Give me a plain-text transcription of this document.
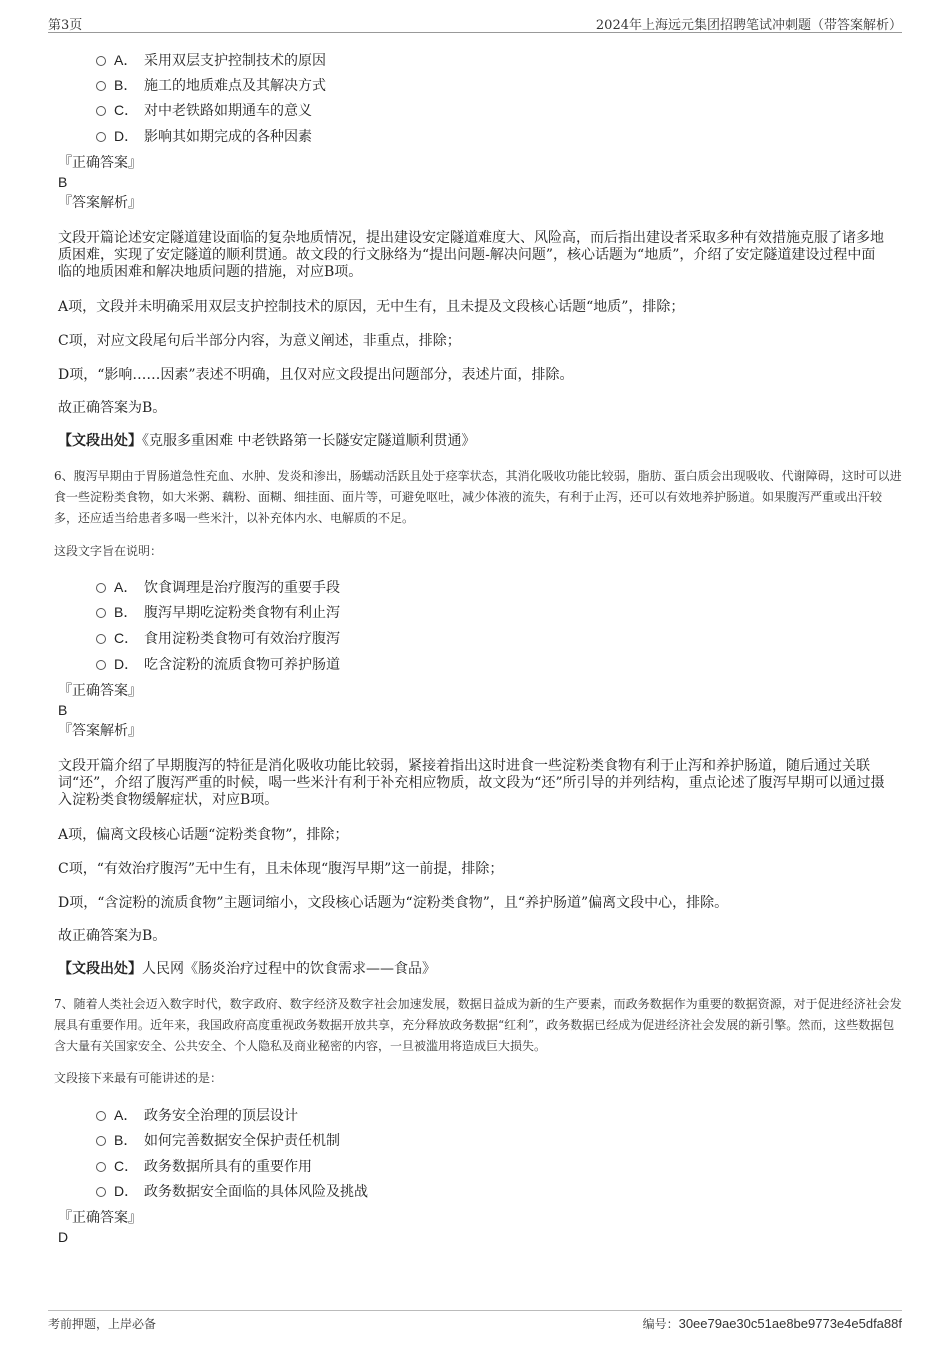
第3页	2024年上海远元集团招聘笔试冲刺题（带答案解析）
A． 采用双层支护控制技术的原因
B． 施工的地质难点及其解决方式
C． 对中老铁路如期通车的意义
D． 影响其如期完成的各种因素
『正确答案』
B
『答案解析』
文段开篇论述安定隧道建设面临的复杂地质情况，提出建设安定隧道难度大、风险高，而后指出建设者采取多种有效措施克服了诸多地质困难，实现了安定隧道的顺利贯通。故文段的行文脉络为“提出问题-解决问题”，核心话题为“地质”，介绍了安定隧道建设过程中面临的地质困难和解决地质问题的措施，对应B项。
A项，文段并未明确采用双层支护控制技术的原因，无中生有，且未提及文段核心话题“地质”，排除；
C项，对应文段尾句后半部分内容，为意义阐述，非重点，排除；
D项，“影响……因素”表述不明确，且仅对应文段提出问题部分，表述片面，排除。
故正确答案为B。
【文段出处】《克服多重困难 中老铁路第一长隧安定隧道顺利贯通》
6、腹泻早期由于胃肠道急性充血、水肿、发炎和渗出，肠蠕动活跃且处于痉挛状态，其消化吸收功能比较弱，脂肪、蛋白质会出现吸收、代谢障碍，这时可以进食一些淀粉类食物，如大米粥、藕粉、面糊、细挂面、面片等，可避免呕吐，减少体液的流失，有利于止泻，还可以有效地养护肠道。如果腹泻严重或出汗较多，还应适当给患者多喝一些米汁，以补充体内水、电解质的不足。
这段文字旨在说明：
A． 饮食调理是治疗腹泻的重要手段
B． 腹泻早期吃淀粉类食物有利止泻
C． 食用淀粉类食物可有效治疗腹泻
D． 吃含淀粉的流质食物可养护肠道
『正确答案』
B
『答案解析』
文段开篇介绍了早期腹泻的特征是消化吸收功能比较弱，紧接着指出这时进食一些淀粉类食物有利于止泻和养护肠道，随后通过关联词“还”，介绍了腹泻严重的时候，喝一些米汁有利于补充相应物质，故文段为“还”所引导的并列结构，重点论述了腹泻早期可以通过摄入淀粉类食物缓解症状，对应B项。
A项，偏离文段核心话题“淀粉类食物”，排除；
C项，“有效治疗腹泻”无中生有，且未体现“腹泻早期”这一前提，排除；
D项，“含淀粉的流质食物”主题词缩小，文段核心话题为“淀粉类食物”，且“养护肠道”偏离文段中心，排除。
故正确答案为B。
【文段出处】人民网《肠炎治疗过程中的饮食需求——食品》
7、随着人类社会迈入数字时代，数字政府、数字经济及数字社会加速发展，数据日益成为新的生产要素，而政务数据作为重要的数据资源，对于促进经济社会发展具有重要作用。近年来，我国政府高度重视政务数据开放共享，充分释放政务数据“红利”，政务数据已经成为促进经济社会发展的新引擎。然而，这些数据包含大量有关国家安全、公共安全、个人隐私及商业秘密的内容，一旦被滥用将造成巨大损失。
文段接下来最有可能讲述的是：
A． 政务安全治理的顶层设计
B． 如何完善数据安全保护责任机制
C． 政务数据所具有的重要作用
D． 政务数据安全面临的具体风险及挑战
『正确答案』
D
考前押题，上岸必备	编号：30ee79ae30c51ae8be9773e4e5dfa88f
